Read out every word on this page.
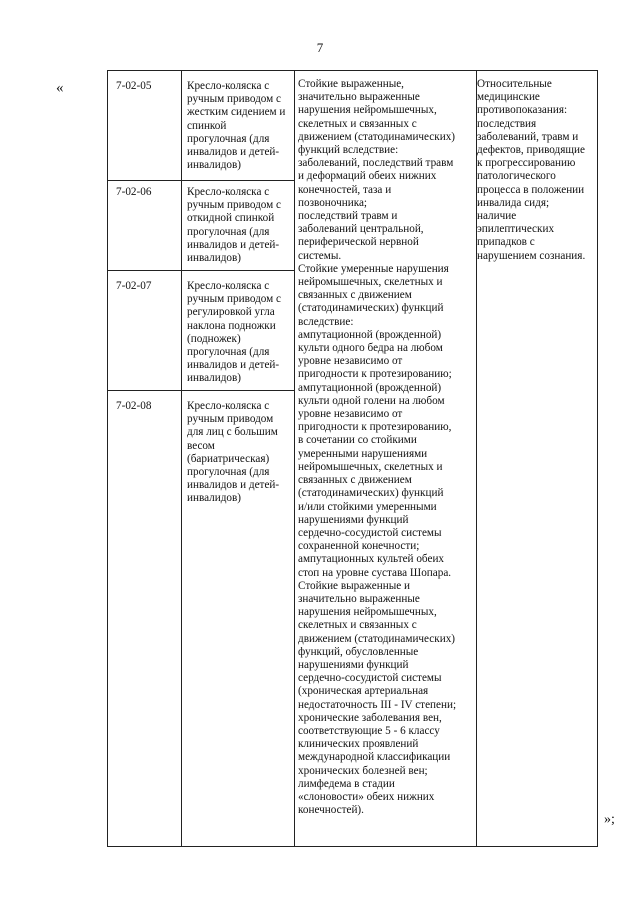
7
«
»;
7-02-05
7-02-06
7-02-07
7-02-08
Кресло-коляска с
ручным приводом с
жестким сидением и
спинкой
прогулочная (для
инвалидов и детей-
инвалидов)
Кресло-коляска с
ручным приводом с
откидной спинкой
прогулочная (для
инвалидов и детей-
инвалидов)
Кресло-коляска с
ручным приводом с
регулировкой угла
наклона подножки
(подножек)
прогулочная (для
инвалидов и детей-
инвалидов)
Кресло-коляска с
ручным приводом
для лиц с большим
весом
(бариатрическая)
прогулочная (для
инвалидов и детей-
инвалидов)
Стойкие выраженные,
значительно выраженные
нарушения нейромышечных,
скелетных и связанных с
движением (статодинамических)
функций вследствие:
заболеваний, последствий травм
и деформаций обеих нижних
конечностей, таза и
позвоночника;
последствий травм и
заболеваний центральной,
периферической нервной
системы.
Стойкие умеренные нарушения
нейромышечных, скелетных и
связанных с движением
(статодинамических) функций
вследствие:
ампутационной (врожденной)
культи одного бедра на любом
уровне независимо от
пригодности к протезированию;
ампутационной (врожденной)
культи одной голени на любом
уровне независимо от
пригодности к протезированию,
в сочетании со стойкими
умеренными нарушениями
нейромышечных, скелетных и
связанных с движением
(статодинамических) функций
и/или стойкими умеренными
нарушениями функций
сердечно-сосудистой системы
сохраненной конечности;
ампутационных культей обеих
стоп на уровне сустава Шопара.
Стойкие выраженные и
значительно выраженные
нарушения нейромышечных,
скелетных и связанных с
движением (статодинамических)
функций, обусловленные
нарушениями функций
сердечно-сосудистой системы
(хроническая артериальная
недостаточность III - IV степени;
хронические заболевания вен,
соответствующие 5 - 6 классу
клинических проявлений
международной классификации
хронических болезней вен;
лимфедема в стадии
«слоновости» обеих нижних
конечностей).
Относительные
медицинские
противопоказания:
последствия
заболеваний, травм и
дефектов, приводящие
к прогрессированию
патологического
процесса в положении
инвалида сидя;
наличие
эпилептических
припадков с
нарушением сознания.
